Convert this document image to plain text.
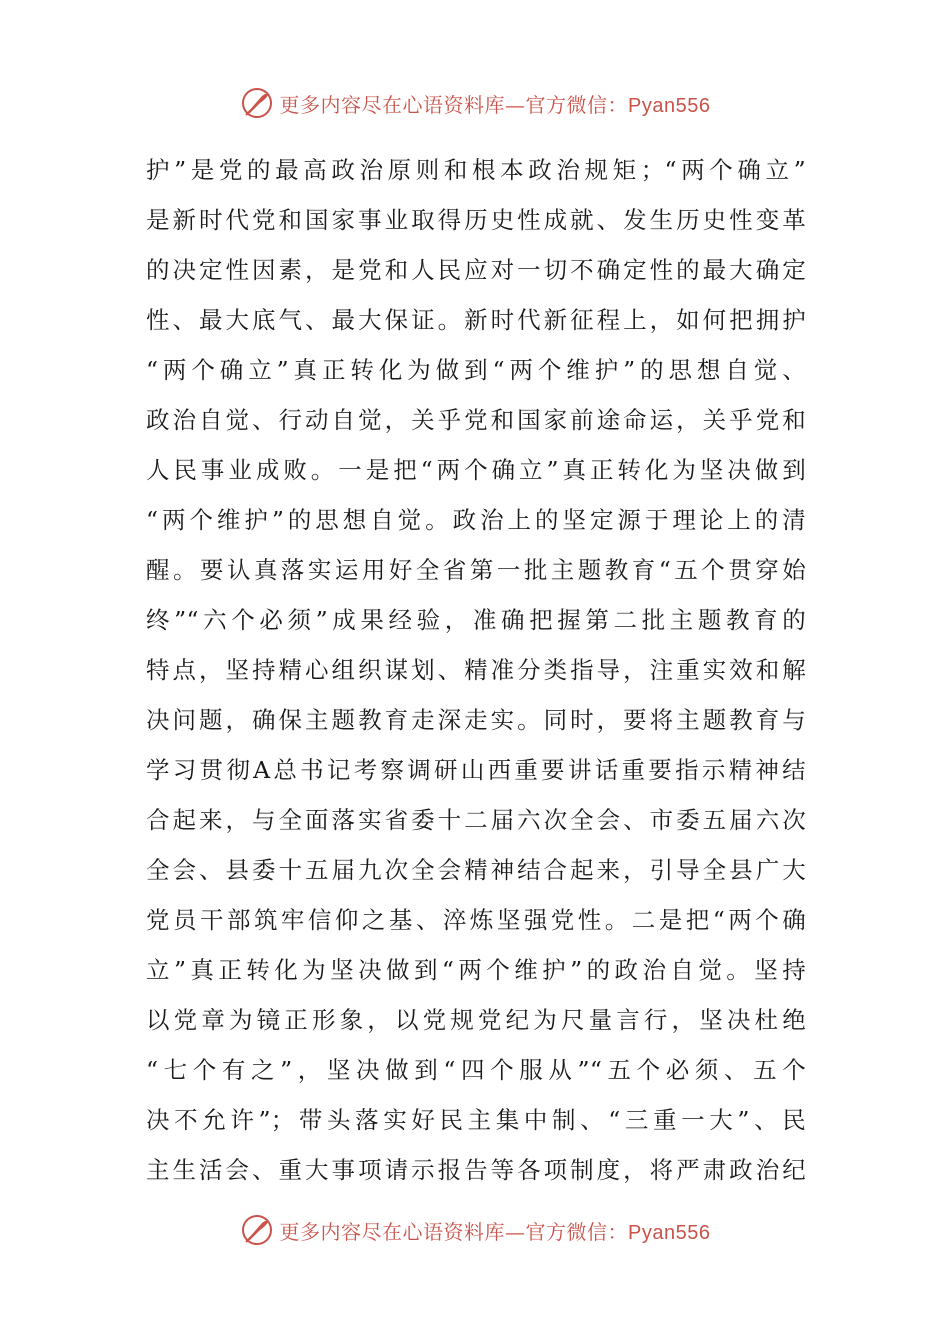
更多内容尽在心语资料库—官方微信：Pyan556
护”是党的最高政治原则和根本政治规矩；“两个确立”
是新时代党和国家事业取得历史性成就、发生历史性变革
的决定性因素，是党和人民应对一切不确定性的最大确定
性、最大底气、最大保证。新时代新征程上，如何把拥护
“两个确立”真正转化为做到“两个维护”的思想自觉、
政治自觉、行动自觉，关乎党和国家前途命运，关乎党和
人民事业成败。一是把“两个确立”真正转化为坚决做到
“两个维护”的思想自觉。政治上的坚定源于理论上的清
醒。要认真落实运用好全省第一批主题教育“五个贯穿始
终”“六个必须”成果经验，准确把握第二批主题教育的
特点，坚持精心组织谋划、精准分类指导，注重实效和解
决问题，确保主题教育走深走实。同时，要将主题教育与
学习贯彻A总书记考察调研山西重要讲话重要指示精神结
合起来，与全面落实省委十二届六次全会、市委五届六次
全会、县委十五届九次全会精神结合起来，引导全县广大
党员干部筑牢信仰之基、淬炼坚强党性。二是把“两个确
立”真正转化为坚决做到“两个维护”的政治自觉。坚持
以党章为镜正形象，以党规党纪为尺量言行，坚决杜绝
“七个有之”，坚决做到“四个服从”“五个必须、五个
决不允许”；带头落实好民主集中制、“三重一大”、民
主生活会、重大事项请示报告等各项制度，将严肃政治纪
更多内容尽在心语资料库—官方微信：Pyan556
